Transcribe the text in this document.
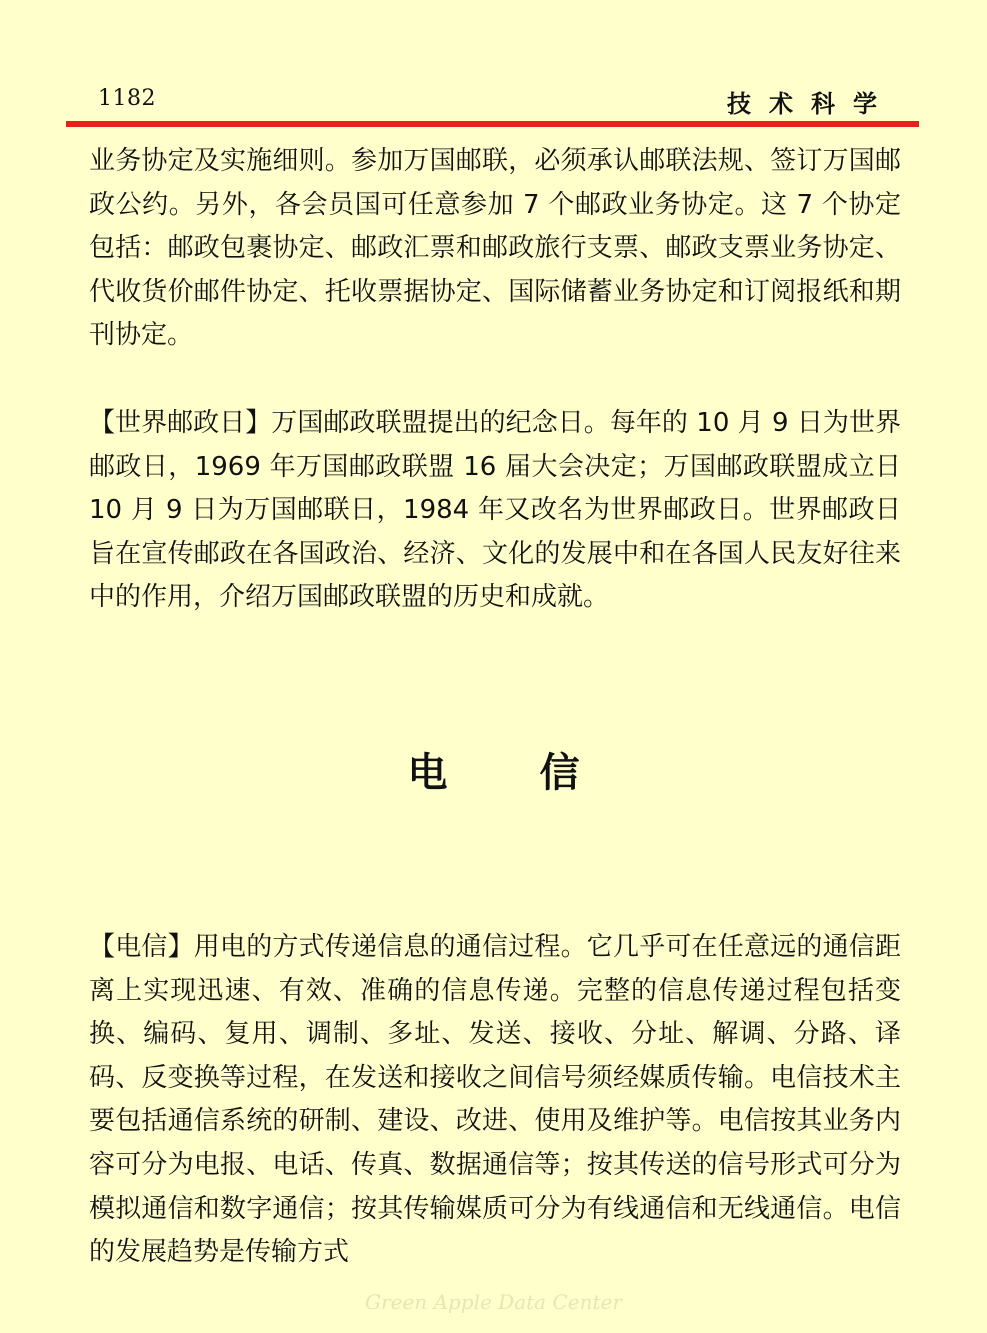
1182	技术科学

业务协定及实施细则。参加万国邮联，必须承认邮联法规、签订万国邮政公约。另外，各会员国可任意参加 7 个邮政业务协定。这 7 个协定包括：邮政包裹协定、邮政汇票和邮政旅行支票、邮政支票业务协定、代收货价邮件协定、托收票据协定、国际储蓄业务协定和订阅报纸和期刊协定。

【世界邮政日】万国邮政联盟提出的纪念日。每年的 10 月 9 日为世界邮政日，1969 年万国邮政联盟 16 届大会决定；万国邮政联盟成立日 10 月 9 日为万国邮联日，1984 年又改名为世界邮政日。世界邮政日旨在宣传邮政在各国政治、经济、文化的发展中和在各国人民友好往来中的作用，介绍万国邮政联盟的历史和成就。

电信

【电信】用电的方式传递信息的通信过程。它几乎可在任意远的通信距离上实现迅速、有效、准确的信息传递。完整的信息传递过程包括变换、编码、复用、调制、多址、发送、接收、分址、解调、分路、译码、反变换等过程，在发送和接收之间信号须经媒质传输。电信技术主要包括通信系统的研制、建设、改进、使用及维护等。电信按其业务内容可分为电报、电话、传真、数据通信等；按其传送的信号形式可分为模拟通信和数字通信；按其传输媒质可分为有线通信和无线通信。电信的发展趋势是传输方式

Green Apple Data Center
